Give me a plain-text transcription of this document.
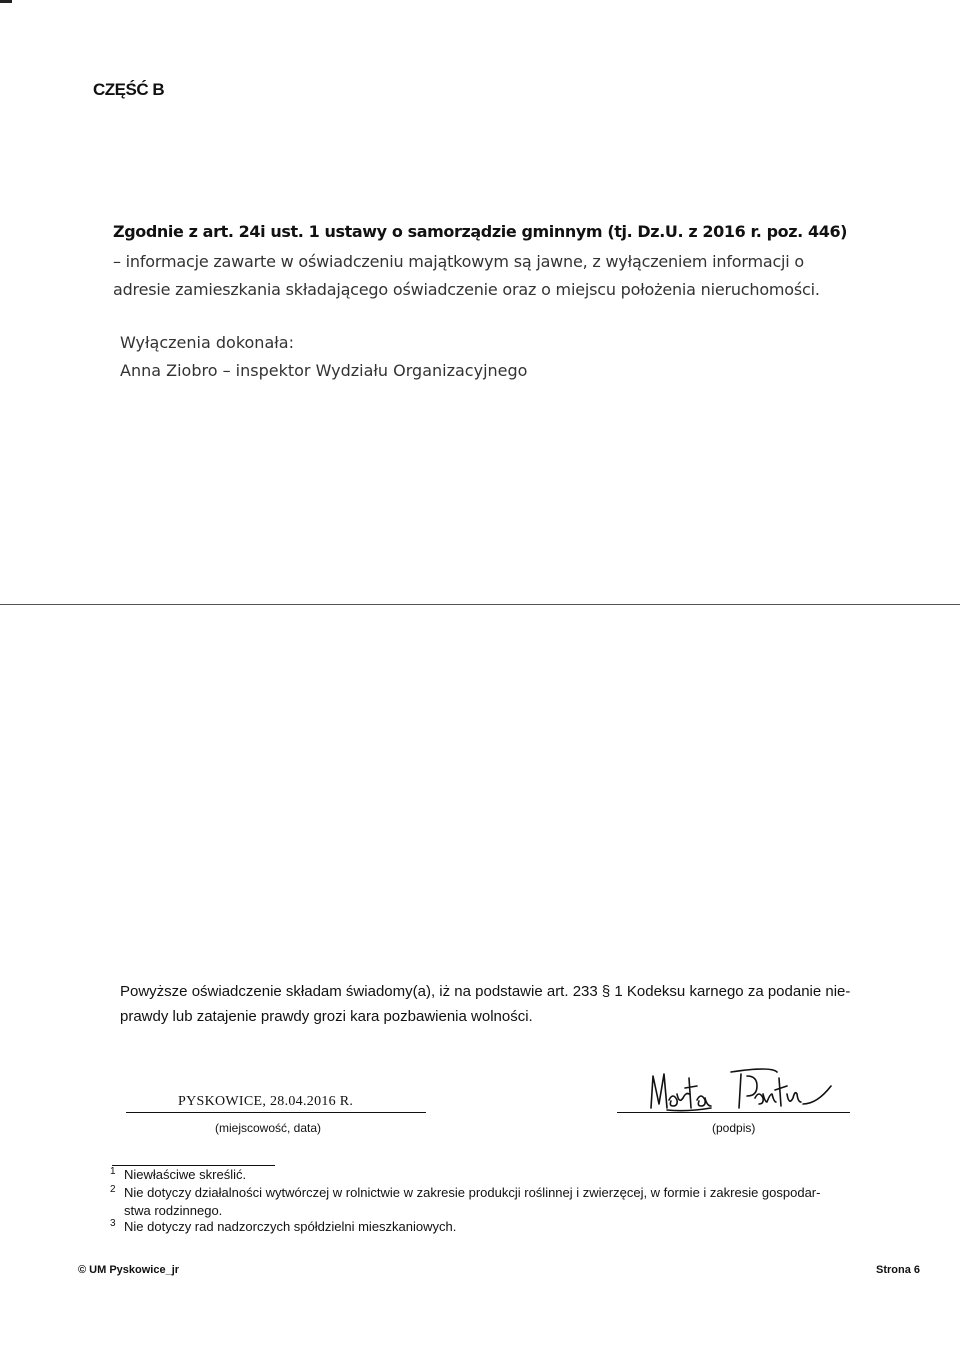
CZĘŚĆ B
Zgodnie z art. 24i ust. 1 ustawy o samorządzie gminnym (tj. Dz.U. z 2016 r. poz. 446)
– informacje zawarte w oświadczeniu majątkowym są jawne, z wyłączeniem informacji o
adresie zamieszkania składającego oświadczenie oraz o miejscu położenia nieruchomości.
Wyłączenia dokonała:
Anna Ziobro – inspektor Wydziału Organizacyjnego
Powyższe oświadczenie składam świadomy(a), iż na podstawie art. 233 § 1 Kodeksu karnego za podanie nie-
prawdy lub zatajenie prawdy grozi kara pozbawienia wolności.
PYSKOWICE, 28.04.2016 R.
(miejscowość, data)	(podpis)
$^1$ Niewłaściwe skreślić.
$^2$ Nie dotyczy działalności wytwórczej w rolnictwie w zakresie produkcji roślinnej i zwierzęcej, w formie i zakresie gospodar-
stwa rodzinnego.
$^3$ Nie dotyczy rad nadzorczych spółdzielni mieszkaniowych.
© UM Pyskowice_jr	Strona 6
